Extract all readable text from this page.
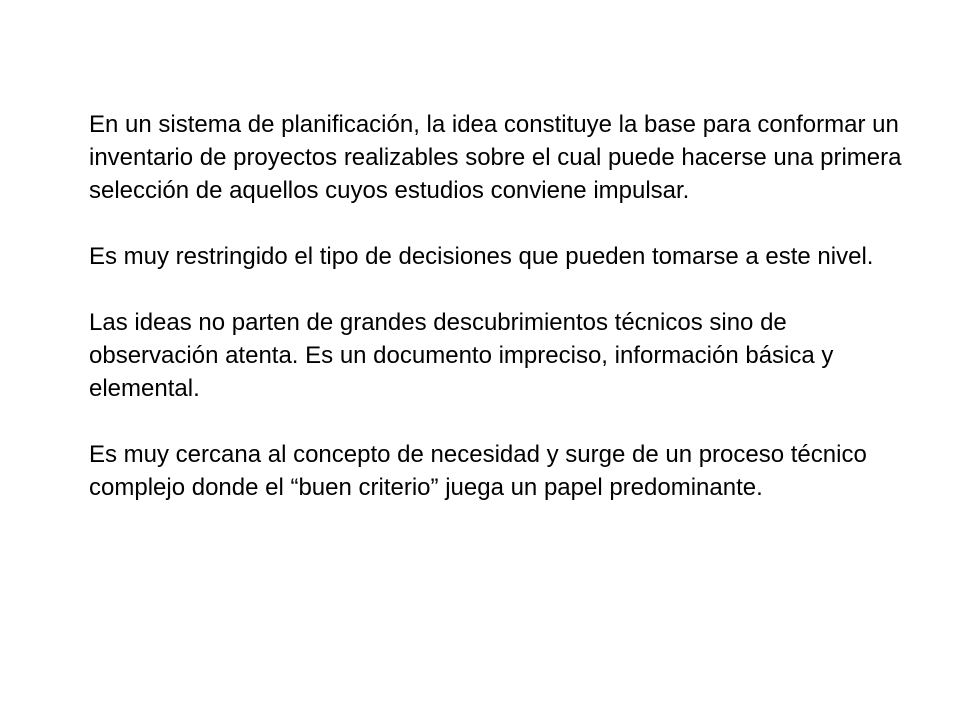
En un sistema de planificación, la idea constituye la base para conformar un inventario de proyectos realizables sobre el cual puede hacerse una primera selección de aquellos cuyos estudios conviene impulsar.

Es muy restringido el tipo de decisiones que pueden tomarse a este nivel.

Las ideas no parten de grandes descubrimientos técnicos sino de observación atenta. Es un documento impreciso, información básica y elemental.

Es muy cercana al concepto de necesidad y surge de un proceso técnico complejo donde el “buen criterio” juega un papel predominante.
